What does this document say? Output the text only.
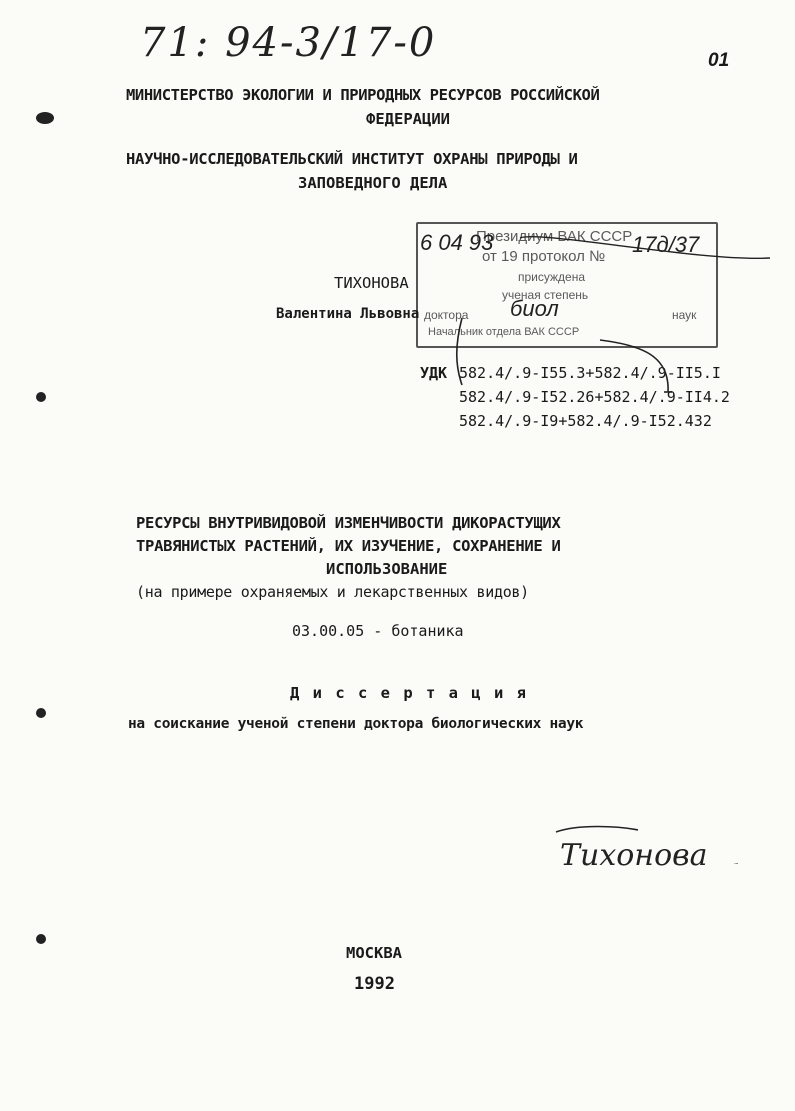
71: 94-3/17-0	01
МИНИСТЕРСТВО ЭКОЛОГИИ И ПРИРОДНЫХ РЕСУРСОВ РОССИЙСКОЙ
ФЕДЕРАЦИИ
НАУЧНО-ИССЛЕДОВАТЕЛЬСКИЙ ИНСТИТУТ ОХРАНЫ ПРИРОДЫ И
ЗАПОВЕДНОГО ДЕЛА
Президиум ВАК СССР
от 19 протокол №
присуждена
ученая степень
доктора	наук
Начальник отдела ВАК СССР
6 04 93	17д/37
биол
ТИХОНОВА
Валентина Львовна
УДК 582.4/.9-I55.3+582.4/.9-II5.I
582.4/.9-I52.26+582.4/.9-II4.2
582.4/.9-I9+582.4/.9-I52.432
РЕСУРСЫ ВНУТРИВИДОВОЙ ИЗМЕНЧИВОСТИ ДИКОРАСТУЩИХ
ТРАВЯНИСТЫХ РАСТЕНИЙ, ИХ ИЗУЧЕНИЕ, СОХРАНЕНИЕ И
ИСПОЛЬЗОВАНИЕ
(на примере охраняемых и лекарственных видов)
03.00.05 - ботаника
Д и с с е р т а ц и я
на соискание ученой степени доктора биологических наук
Тихонова
МОСКВА
1992
